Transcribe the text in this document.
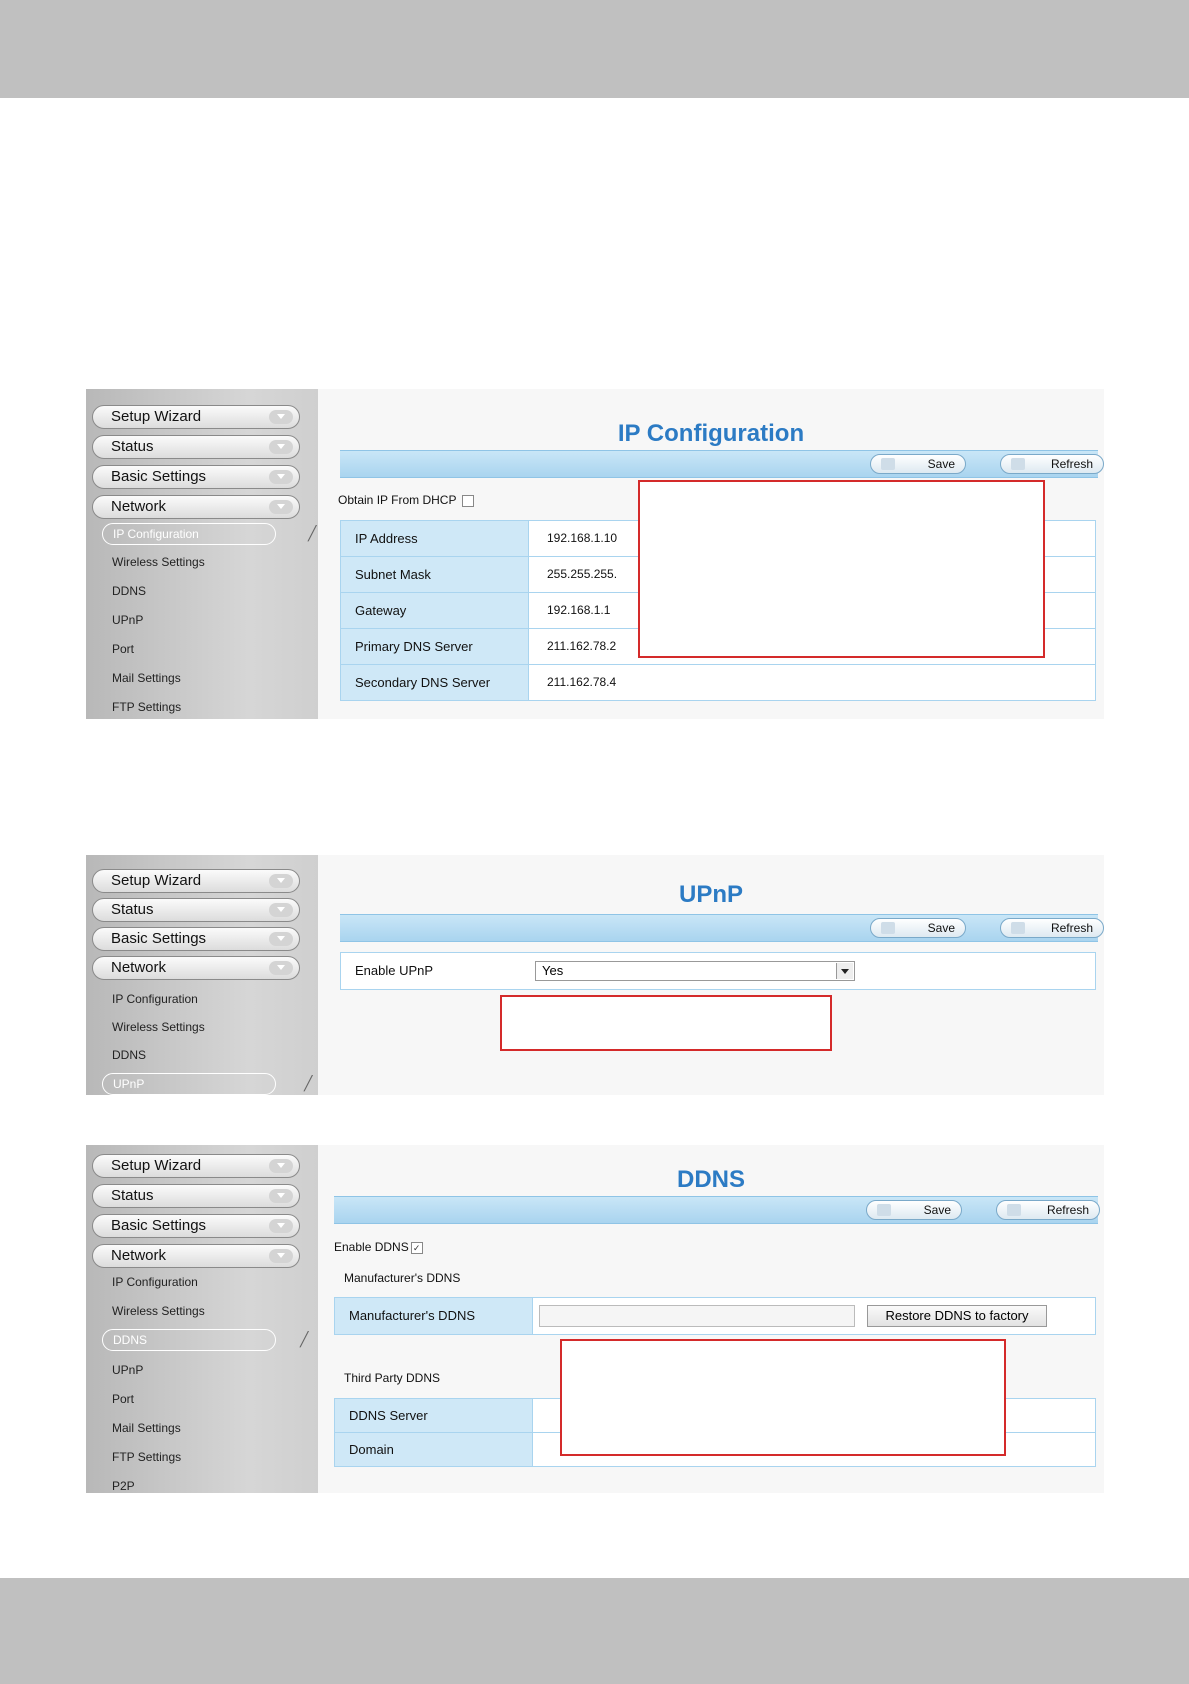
Setup Wizard
Status
Basic Settings
Network
IP Configuration	╱
Wireless Settings
DDNS
UPnP
Port
Mail Settings
FTP Settings
IP Configuration
Save	Refresh
Obtain IP From DHCP
IP Address	192.168.1.10
Subnet Mask	255.255.255.
Gateway	192.168.1.1
Primary DNS Server	211.162.78.2
Secondary DNS Server	211.162.78.4
Setup Wizard
Status
Basic Settings
Network
IP Configuration
Wireless Settings
DDNS
UPnP	╱
UPnP
Save	Refresh
Enable UPnP	Yes
Setup Wizard
Status
Basic Settings
Network
IP Configuration
Wireless Settings
DDNS	╱
UPnP
Port
Mail Settings
FTP Settings
P2P
DDNS
Save	Refresh
Enable DDNS ✓
Manufacturer's DDNS
Manufacturer's DDNS	Restore DDNS to factory
Third Party DDNS
DDNS Server
Domain
